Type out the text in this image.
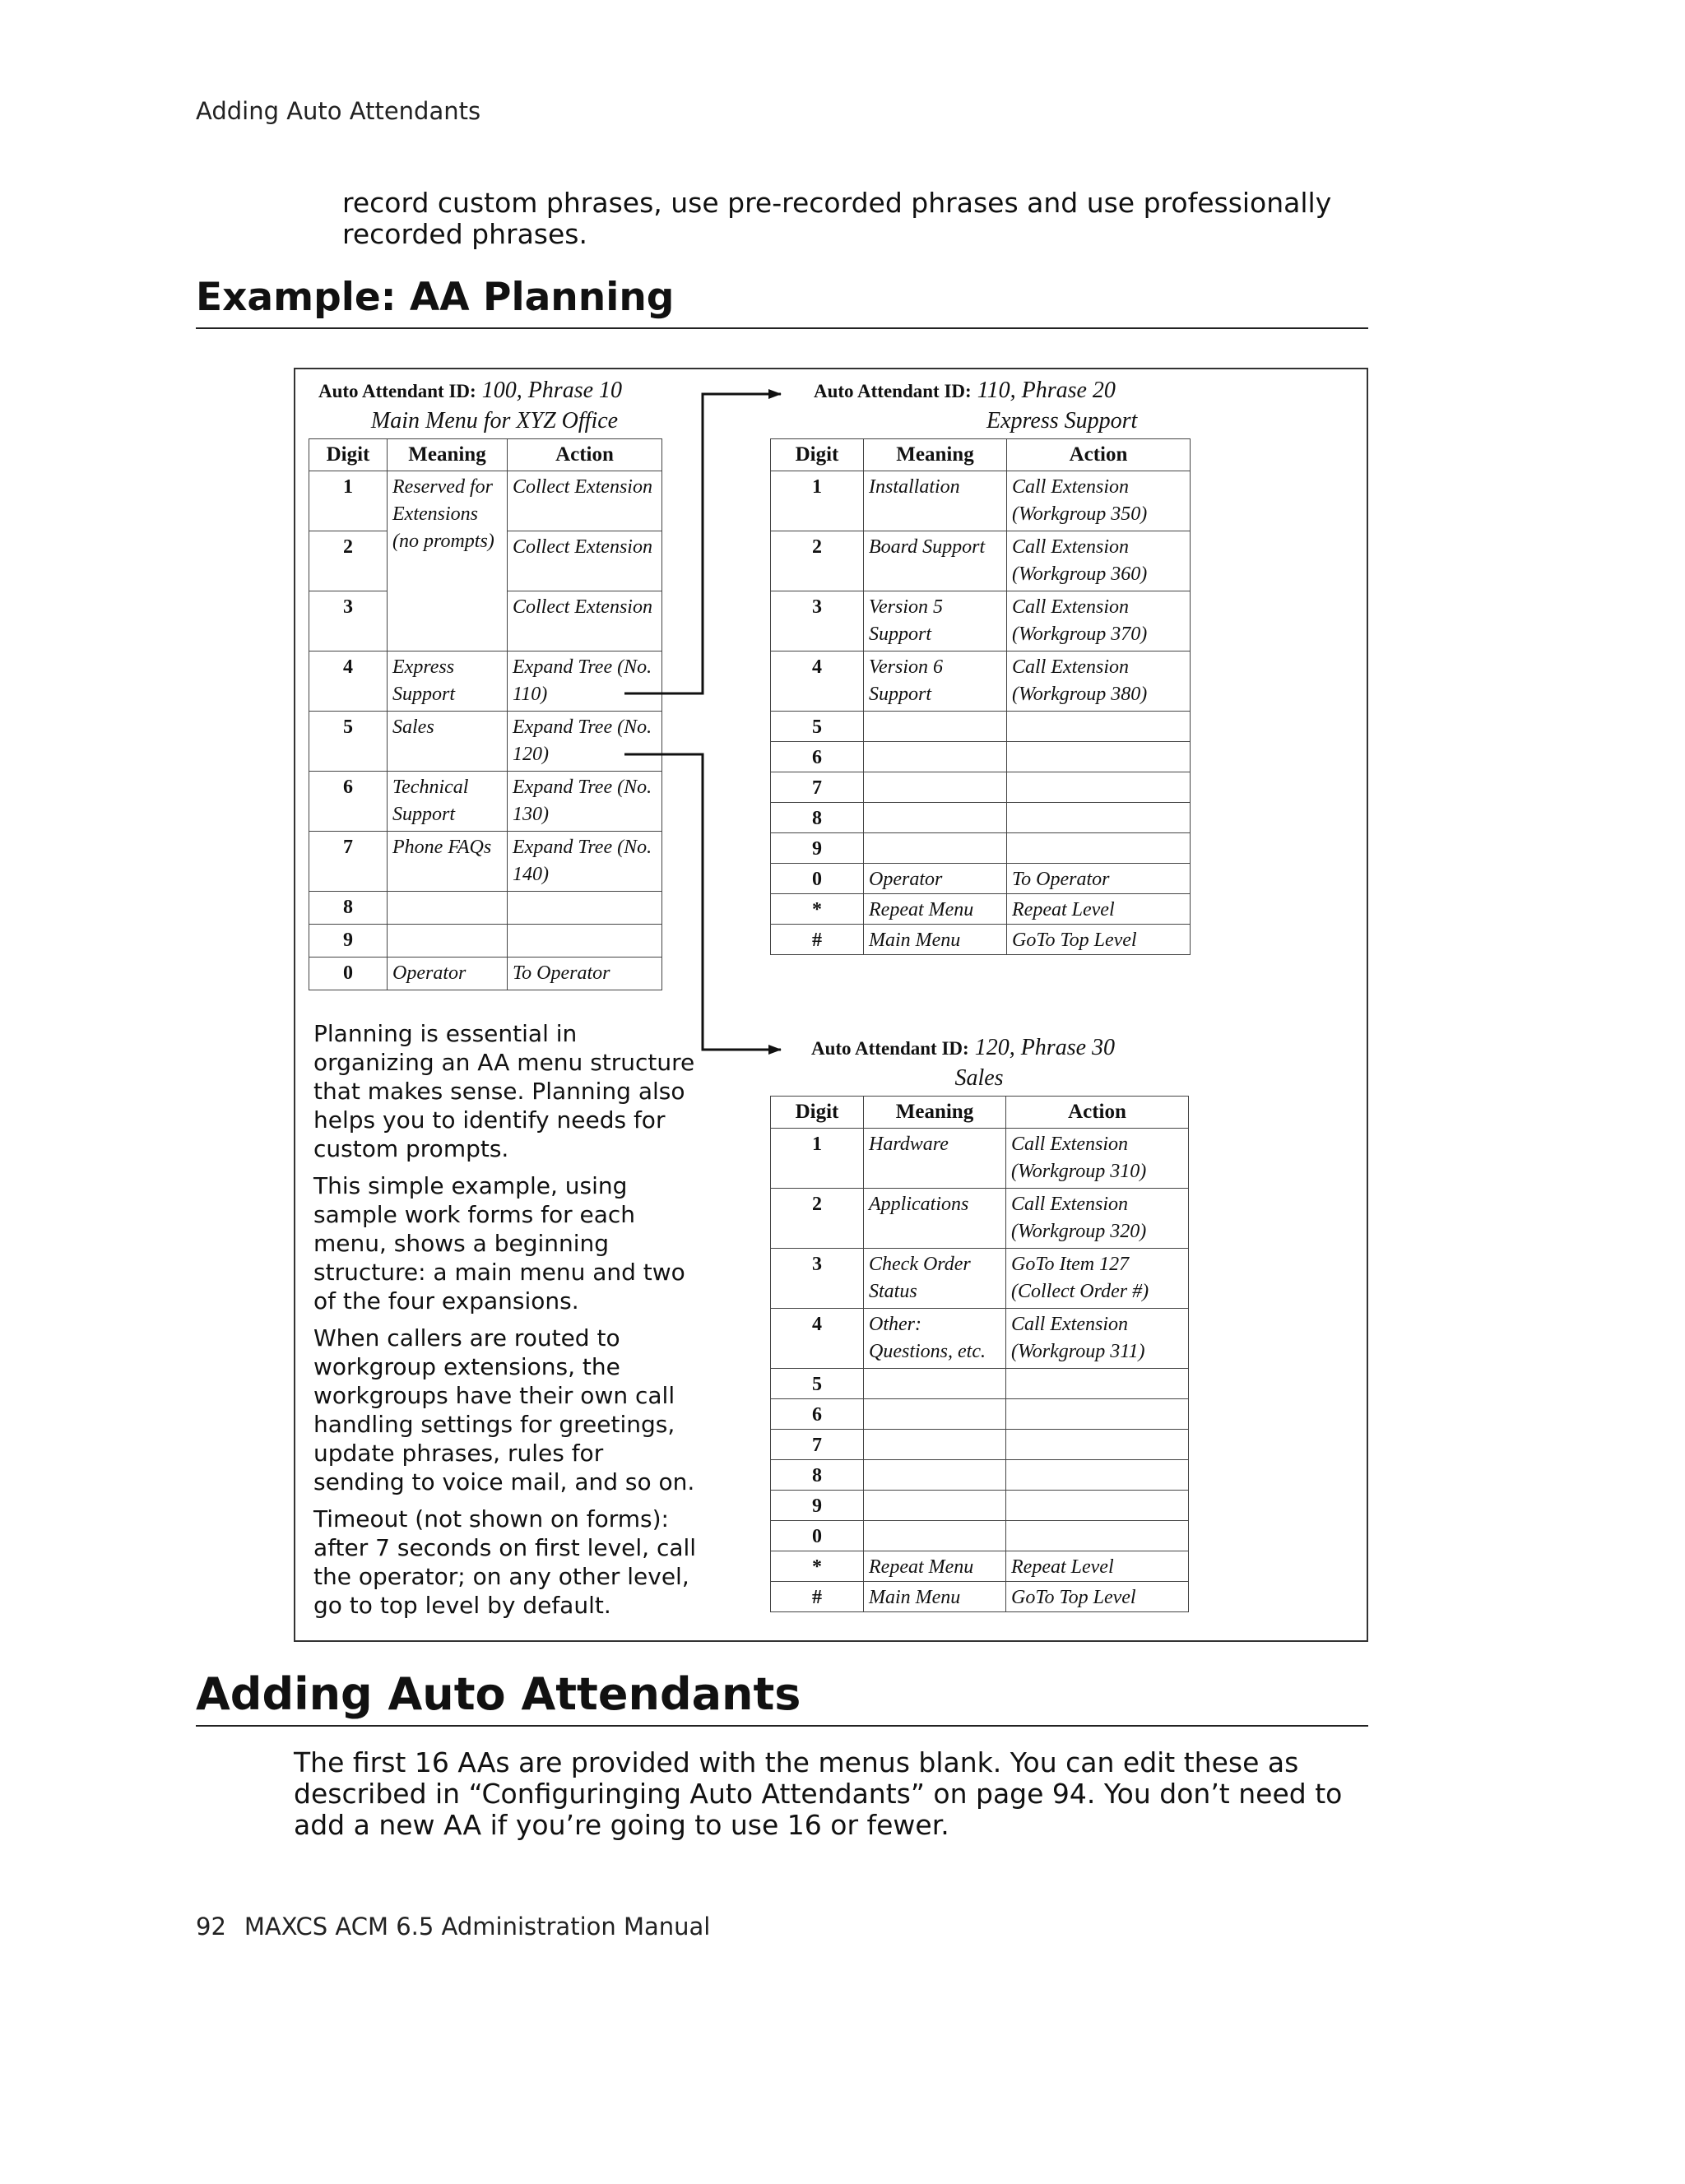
Adding Auto Attendants
record custom phrases, use pre-recorded phrases and use professionally recorded phrases.
Example: AA Planning
Auto Attendant ID: 100, Phrase 10
Main Menu for XYZ Office
Digit	Meaning	Action
1	Reserved for Extensions (no prompts)	Collect Extension
2		Collect Extension
3		Collect Extension
4	Express Support	Expand Tree (No. 110)
5	Sales	Expand Tree (No. 120)
6	Technical Support	Expand Tree (No. 130)
7	Phone FAQs	Expand Tree (No. 140)
8		
9		
0	Operator	To Operator
Auto Attendant ID: 110, Phrase 20
Express Support
Digit	Meaning	Action
1	Installation	Call Extension (Workgroup 350)
2	Board Support	Call Extension (Workgroup 360)
3	Version 5 Support	Call Extension (Workgroup 370)
4	Version 6 Support	Call Extension (Workgroup 380)
5		
6		
7		
8		
9		
0	Operator	To Operator
*	Repeat Menu	Repeat Level
#	Main Menu	GoTo Top Level
Auto Attendant ID: 120, Phrase 30
Sales
Digit	Meaning	Action
1	Hardware	Call Extension (Workgroup 310)
2	Applications	Call Extension (Workgroup 320)
3	Check Order Status	GoTo Item 127 (Collect Order #)
4	Other: Questions, etc.	Call Extension (Workgroup 311)
5		
6		
7		
8		
9		
0		
*	Repeat Menu	Repeat Level
#	Main Menu	GoTo Top Level

Planning is essential in organizing an AA menu structure that makes sense. Planning also helps you to identify needs for custom prompts.

This simple example, using sample work forms for each menu, shows a beginning structure: a main menu and two of the four expansions.

When callers are routed to workgroup extensions, the workgroups have their own call handling settings for greetings, update phrases, rules for sending to voice mail, and so on.

Timeout (not shown on forms): after 7 seconds on first level, call the operator; on any other level, go to top level by default.

Adding Auto Attendants
The first 16 AAs are provided with the menus blank. You can edit these as described in “Configuringing Auto Attendants” on page 94. You don’t need to add a new AA if you’re going to use 16 or fewer.
92 MAXCS ACM 6.5 Administration Manual
